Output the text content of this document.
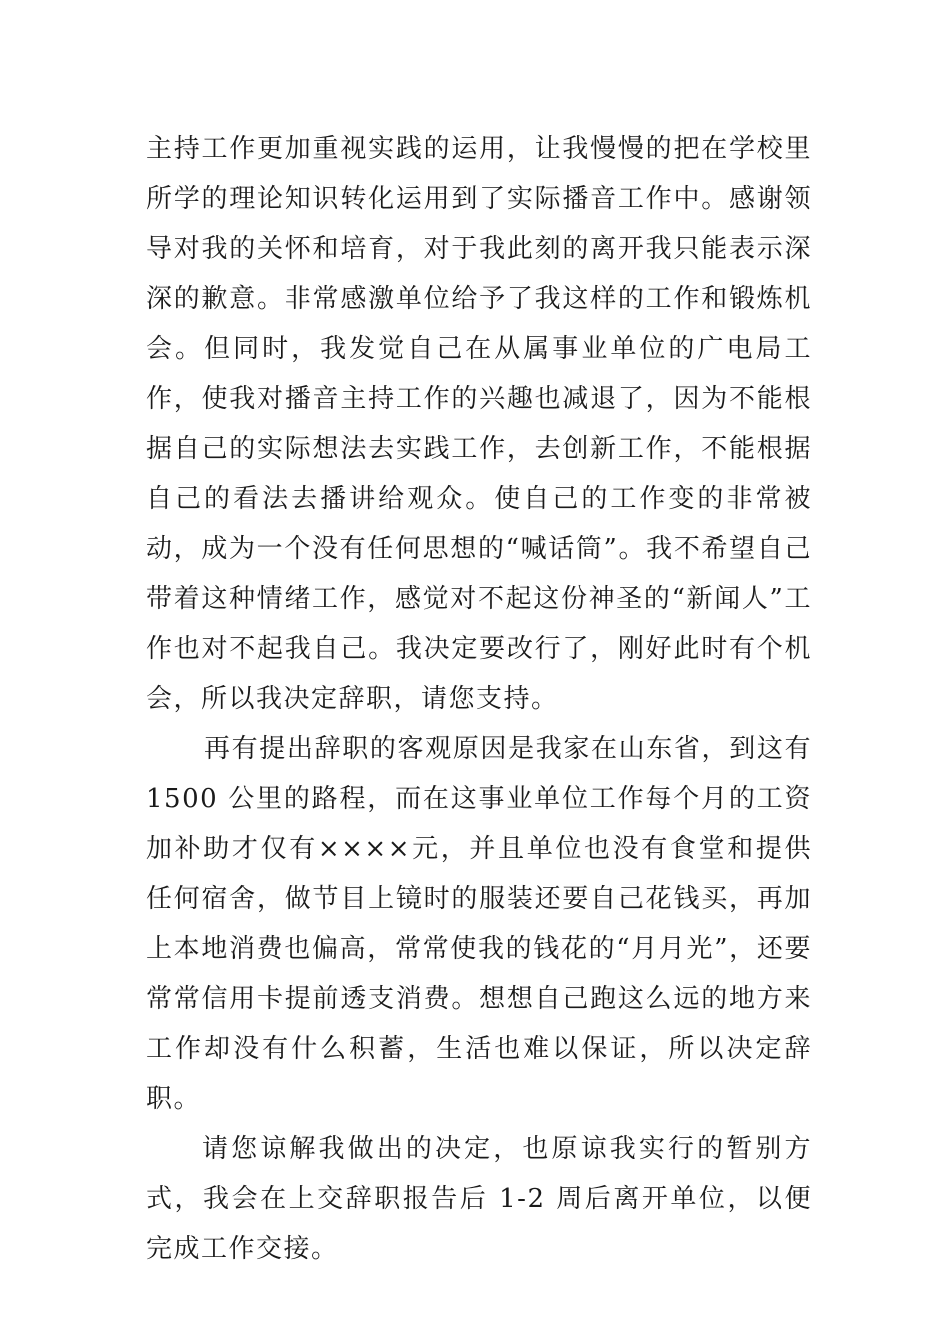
主持工作更加重视实践的运用，让我慢慢的把在学校里所学的理论知识转化运用到了实际播音工作中。感谢领导对我的关怀和培育，对于我此刻的离开我只能表示深深的歉意。非常感激单位给予了我这样的工作和锻炼机会。但同时，我发觉自己在从属事业单位的广电局工作，使我对播音主持工作的兴趣也减退了，因为不能根据自己的实际想法去实践工作，去创新工作，不能根据自己的看法去播讲给观众。使自己的工作变的非常被动，成为一个没有任何思想的“喊话筒”。我不希望自己带着这种情绪工作，感觉对不起这份神圣的“新闻人”工作也对不起我自己。我决定要改行了，刚好此时有个机会，所以我决定辞职，请您支持。

再有提出辞职的客观原因是我家在山东省，到这有1500 公里的路程，而在这事业单位工作每个月的工资加补助才仅有××××元，并且单位也没有食堂和提供任何宿舍，做节目上镜时的服装还要自己花钱买，再加上本地消费也偏高，常常使我的钱花的“月月光”，还要常常信用卡提前透支消费。想想自己跑这么远的地方来工作却没有什么积蓄，生活也难以保证，所以决定辞职。

请您谅解我做出的决定，也原谅我实行的暂别方式，我会在上交辞职报告后 1-2 周后离开单位，以便完成工作交接。
